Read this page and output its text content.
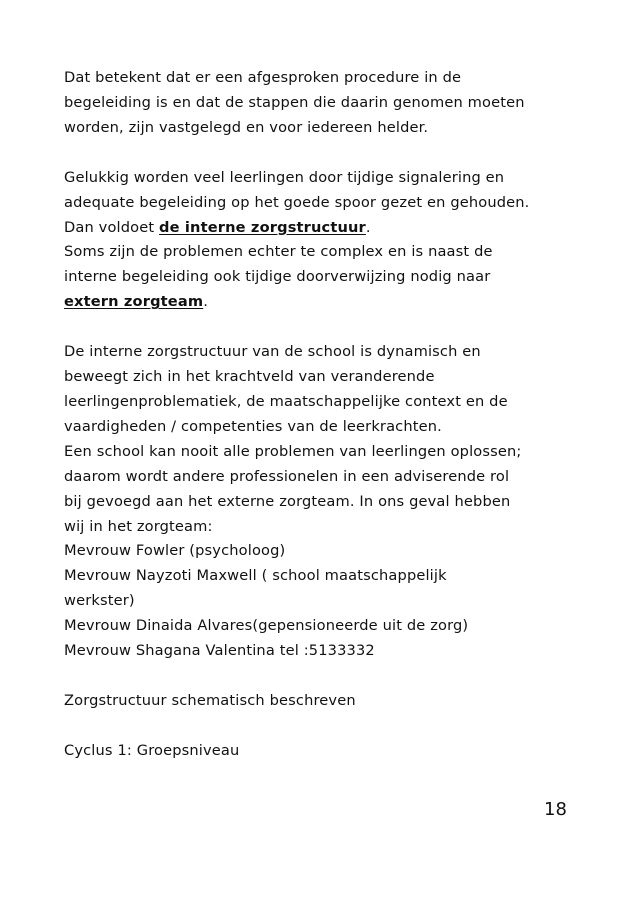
Dat betekent dat er een afgesproken procedure in de
begeleiding is en dat de stappen die daarin genomen moeten
worden, zijn vastgelegd en voor iedereen helder.
Gelukkig worden veel leerlingen door tijdige signalering en
adequate begeleiding op het goede spoor gezet en gehouden.
Dan voldoet de interne zorgstructuur.
Soms zijn de problemen echter te complex en is naast de
interne begeleiding ook tijdige doorverwijzing nodig naar
extern zorgteam.
De interne zorgstructuur van de school is dynamisch en
beweegt zich in het krachtveld van veranderende
leerlingenproblematiek, de maatschappelijke context en de
vaardigheden / competenties van de leerkrachten.
Een school kan nooit alle problemen van leerlingen oplossen;
daarom wordt andere professionelen in een adviserende rol
bij gevoegd aan het externe zorgteam. In ons geval hebben
wij in het zorgteam:
Mevrouw Fowler (psycholoog)
Mevrouw Nayzoti Maxwell ( school maatschappelijk
werkster)
Mevrouw Dinaida Alvares(gepensioneerde uit de zorg)
Mevrouw Shagana Valentina tel :5133332
Zorgstructuur schematisch beschreven
Cyclus 1: Groepsniveau
18
